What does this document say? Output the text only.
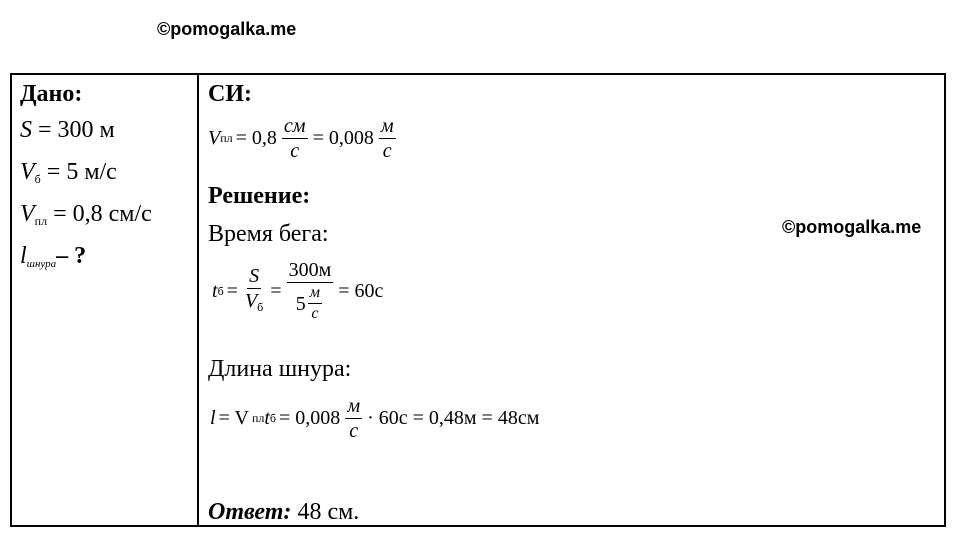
©pomogalka.me
©pomogalka.me
Дано:
S = 300 м
$V_б = 5$ м/с
$V_{пл} = 0,8$ см/с
lшнура– ?
СИ:
V пл = $0,8 \frac{см}{с} = 0,008 \frac{м}{с}$
Решение:
Время бега:
t $б = \frac{S}{V_б} = \frac{300м}{5 \frac{м}{с}} = 60с$
Длина шнура:
l = V пл t $б = 0,008 \frac{м}{с} \cdot 60с = 0,48м = 48см$
Ответ: 48 см.
